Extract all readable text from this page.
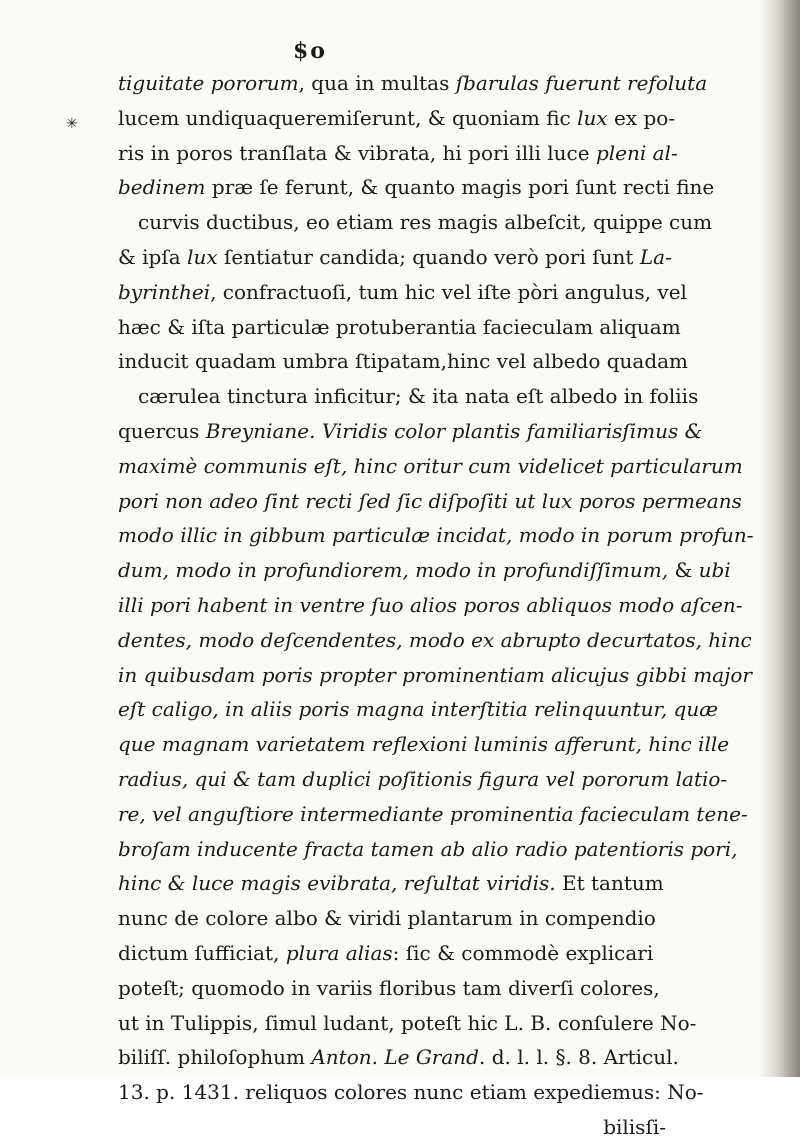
$o
✳
tiguitate pororum, qua in multas ſbarulas fuerunt refoluta
lucem undiquaqueremiſerunt, & quoniam fic lux ex po-
ris in poros tranſlata & vibrata, hi pori illi luce pleni al-
bedinem præ ſe ferunt, & quanto magis pori ſunt recti fine
curvis ductibus, eo etiam res magis albeſcit, quippe cum
& ipſa lux ſentiatur candida; quando verò pori ſunt La-
byrinthei, confractuoſi, tum hic vel iſte pòri angulus, vel
hæc & iſta particulæ protuberantia facieculam aliquam
inducit quadam umbra ſtipatam,hinc vel albedo quadam
cærulea tinctura inficitur; & ita nata eſt albedo in foliis
quercus Breyniane. Viridis color plantis familiarisſimus &
maximè communis eſt, hinc oritur cum videlicet particularum
pori non adeo ſint recti ſed ſic diſpoſiti ut lux poros permeans
modo illic in gibbum particulæ incidat, modo in porum profun-
dum, modo in profundiorem, modo in profundiſſimum, & ubi
illi pori habent in ventre ſuo alios poros abliquos modo aſcen-
dentes, modo deſcendentes, modo ex abrupto decurtatos, hinc
in quibusdam poris propter prominentiam alicujus gibbi major
eſt caligo, in aliis poris magna interſtitia relinquuntur, quæ
que magnam varietatem reflexioni luminis afferunt, hinc ille
radius, qui & tam duplici poſitionis figura vel pororum latio-
re, vel anguſtiore intermediante prominentia facieculam tene-
broſam inducente fracta tamen ab alio radio patentioris pori,
hinc & luce magis evibrata, reſultat viridis. Et tantum
nunc de colore albo & viridi plantarum in compendio
dictum ſufficiat, plura alias: ſic & commodè explicari
poteſt; quomodo in variis floribus tam diverſi colores,
ut in Tulippis, ſimul ludant, poteſt hic L. B. conſulere No-
biliſſ. philoſophum Anton. Le Grand. d. l. l. §. 8. Articul.
13. p. 1431. reliquos colores nunc etiam expediemus: No-
bilisſi-
